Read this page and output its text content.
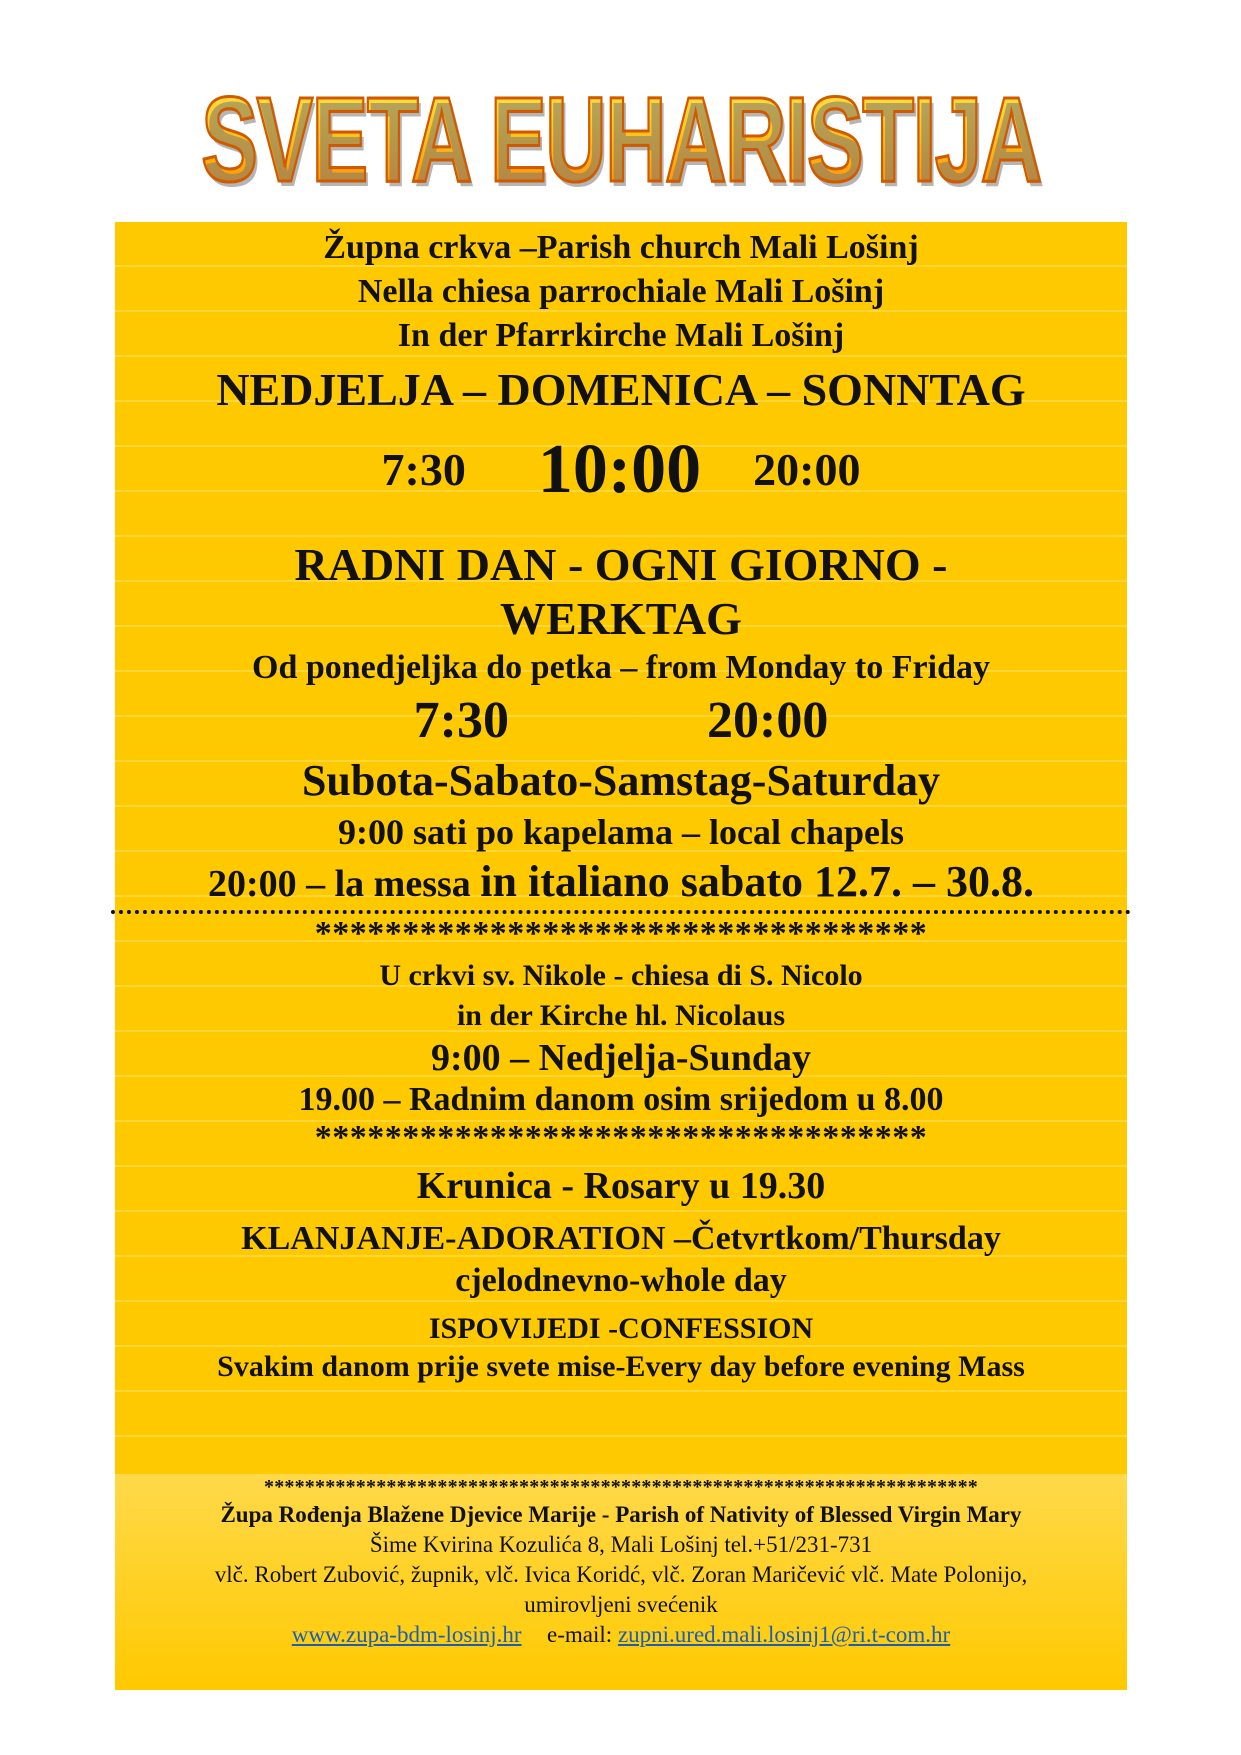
SVETA EUHARISTIJA
Župna crkva –Parish church Mali Lošinj
Nella chiesa parrochiale Mali Lošinj
In der Pfarrkirche Mali Lošinj
NEDJELJA – DOMENICA – SONNTAG
7:30 10:00 20:00
RADNI DAN - OGNI GIORNO -
WERKTAG
Od ponedjeljka do petka – from Monday to Friday
7:30	20:00
Subota-Sabato-Samstag-Saturday
9:00 sati po kapelama – local chapels
20:00 – la messa in italiano sabato 12.7. – 30.8.
***********************************
U crkvi sv. Nikole - chiesa di S. Nicolo
in der Kirche hl. Nicolaus
9:00 – Nedjelja-Sunday
19.00 – Radnim danom osim srijedom u 8.00
***********************************
Krunica - Rosary u 19.30
KLANJANJE-ADORATION –Četvrtkom/Thursday
cjelodnevno-whole day
ISPOVIJEDI -CONFESSION
Svakim danom prije svete mise-Every day before evening Mass
**********************************************************************
Župa Rođenja Blažene Djevice Marije - Parish of Nativity of Blessed Virgin Mary
Šime Kvirina Kozulića 8, Mali Lošinj tel.+51/231-731
vlč. Robert Zubović, župnik, vlč. Ivica Koridć, vlč. Zoran Maričević vlč. Mate Polonijo,
umirovljeni svećenik
www.zupa-bdm-losinj.hr e-mail: zupni.ured.mali.losinj1@ri.t-com.hr
